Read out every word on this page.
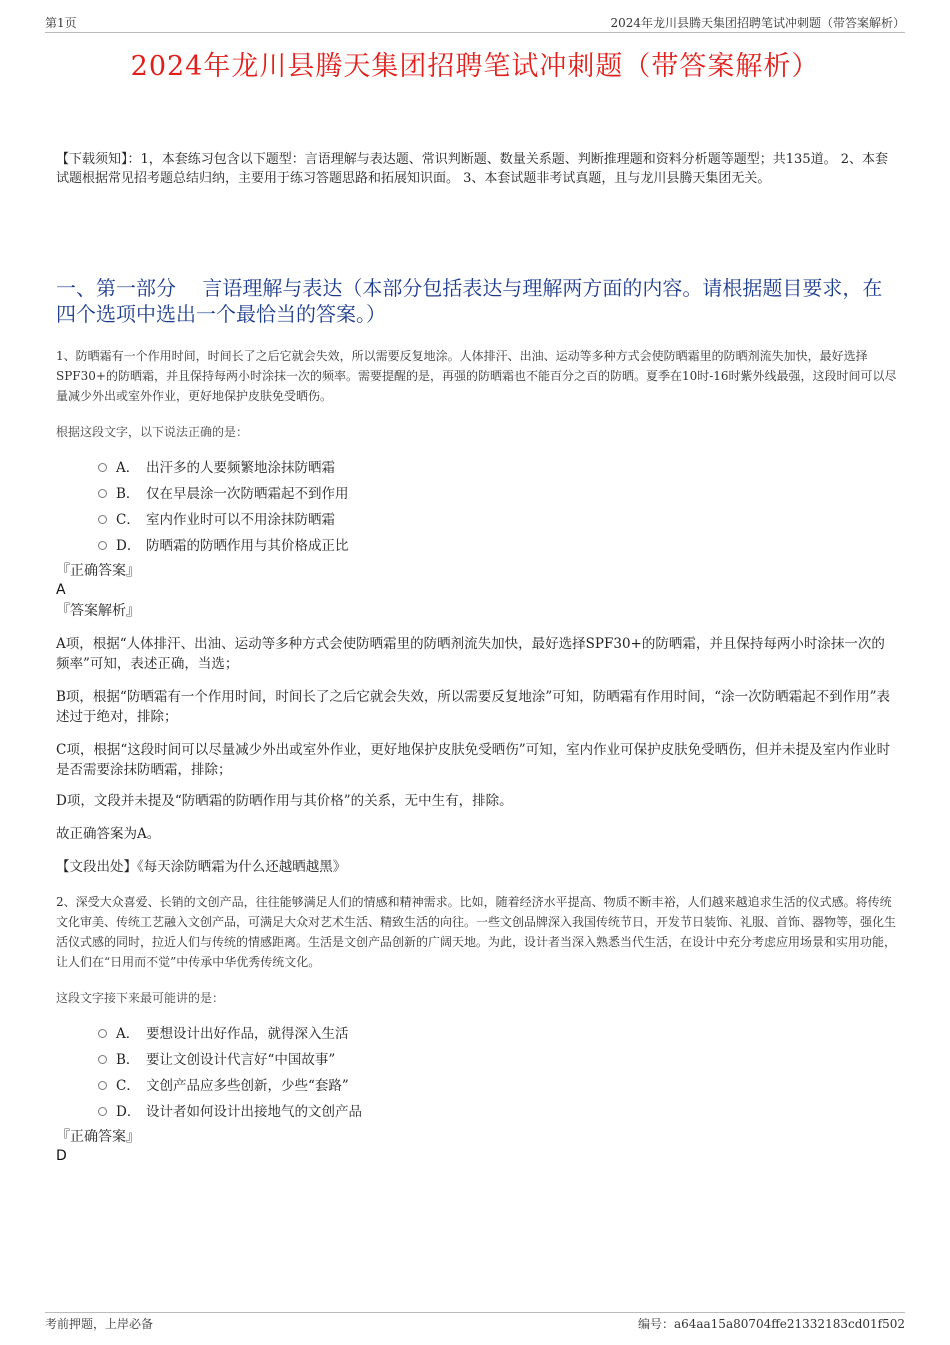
第1页	2024年龙川县腾天集团招聘笔试冲刺题（带答案解析）
2024年龙川县腾天集团招聘笔试冲刺题（带答案解析）
【下载须知】：1，本套练习包含以下题型：言语理解与表达题、常识判断题、数量关系题、判断推理题和资料分析题等题型；共135道。 2、本套试题根据常见招考题总结归纳，主要用于练习答题思路和拓展知识面。 3、本套试题非考试真题，且与龙川县腾天集团无关。
一、第一部分　 言语理解与表达（本部分包括表达与理解两方面的内容。请根据题目要求，在四个选项中选出一个最恰当的答案。）
1、防晒霜有一个作用时间，时间长了之后它就会失效，所以需要反复地涂。人体排汗、出油、运动等多种方式会使防晒霜里的防晒剂流失加快，最好选择SPF30+的防晒霜，并且保持每两小时涂抹一次的频率。需要提醒的是，再强的防晒霜也不能百分之百的防晒。夏季在10时-16时紫外线最强，这段时间可以尽量减少外出或室外作业，更好地保护皮肤免受晒伤。
根据这段文字，以下说法正确的是：
A． 出汗多的人要频繁地涂抹防晒霜
B． 仅在早晨涂一次防晒霜起不到作用
C． 室内作业时可以不用涂抹防晒霜
D． 防晒霜的防晒作用与其价格成正比
『正确答案』
A
『答案解析』
A项，根据“人体排汗、出油、运动等多种方式会使防晒霜里的防晒剂流失加快，最好选择SPF30+的防晒霜，并且保持每两小时涂抹一次的频率”可知，表述正确，当选；
B项，根据“防晒霜有一个作用时间，时间长了之后它就会失效，所以需要反复地涂”可知，防晒霜有作用时间，“涂一次防晒霜起不到作用”表述过于绝对，排除；
C项，根据“这段时间可以尽量减少外出或室外作业，更好地保护皮肤免受晒伤”可知，室内作业可保护皮肤免受晒伤，但并未提及室内作业时是否需要涂抹防晒霜，排除；
D项，文段并未提及“防晒霜的防晒作用与其价格”的关系，无中生有，排除。
故正确答案为A。
【文段出处】《每天涂防晒霜为什么还越晒越黑》
2、深受大众喜爱、长销的文创产品，往往能够满足人们的情感和精神需求。比如，随着经济水平提高、物质不断丰裕，人们越来越追求生活的仪式感。将传统文化审美、传统工艺融入文创产品，可满足大众对艺术生活、精致生活的向往。一些文创品牌深入我国传统节日，开发节日装饰、礼服、首饰、器物等，强化生活仪式感的同时，拉近人们与传统的情感距离。生活是文创产品创新的广阔天地。为此，设计者当深入熟悉当代生活，在设计中充分考虑应用场景和实用功能，让人们在“日用而不觉”中传承中华优秀传统文化。
这段文字接下来最可能讲的是：
A． 要想设计出好作品，就得深入生活
B． 要让文创设计代言好“中国故事”
C． 文创产品应多些创新，少些“套路”
D． 设计者如何设计出接地气的文创产品
『正确答案』
D
考前押题，上岸必备	编号：a64aa15a80704ffe21332183cd01f502
